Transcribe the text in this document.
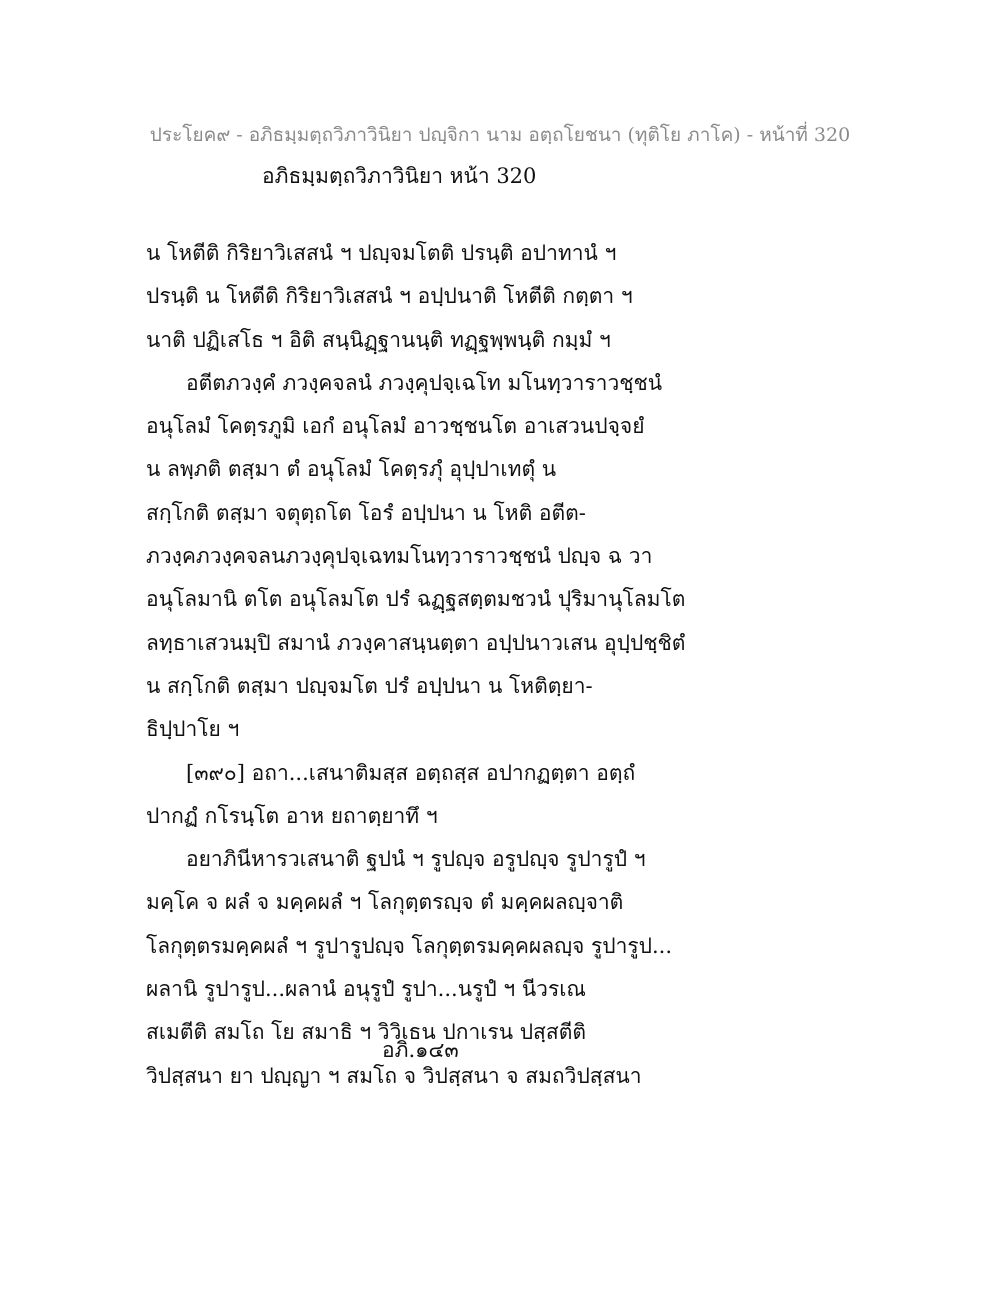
ประโยค๙ - อภิธมฺมตฺถวิภาวินิยา ปญฺจิกา นาม อตฺถโยชนา (ทุติโย ภาโค) - หน้าที่ 320
อภิธมฺมตฺถวิภาวินิยา หน้า 320
น โหตีติ กิริยาวิเสสนํ ฯ ปญฺจมโตติ ปรนฺติ อปาทานํ ฯ
ปรนฺติ น โหตีติ กิริยาวิเสสนํ ฯ อปฺปนาติ โหตีติ กตฺตา ฯ
นาติ ปฏิเสโธ ฯ อิติ สนฺนิฏฺฐานนฺติ ทฏฺฐพฺพนฺติ กมฺมํ ฯ
อตีตภวงฺคํ ภวงฺคจลนํ ภวงฺคุปจฺเฉโท มโนทฺวาราวชฺชนํ
อนุโลมํ โคตฺรภูมิ เอกํ อนุโลมํ อาวชฺชนโต อาเสวนปจฺจยํ
น ลพฺภติ ตสฺมา ตํ อนุโลมํ โคตฺรภุํ อุปฺปาเทตุํ น
สกฺโกติ ตสฺมา จตุตฺถโต โอรํ อปฺปนา น โหติ อตีต-
ภวงฺคภวงฺคจลนภวงฺคุปจฺเฉทมโนทฺวาราวชฺชนํ ปญฺจ ฉ วา
อนุโลมานิ ตโต อนุโลมโต ปรํ ฉฏฺฐสตฺตมชวนํ ปุริมานุโลมโต
ลทฺธาเสวนมฺปิ สมานํ ภวงฺคาสนฺนตฺตา อปฺปนาวเสน อุปฺปชฺชิตํ
น สกฺโกติ ตสฺมา ปญฺจมโต ปรํ อปฺปนา น โหติตฺยา-
ธิปฺปาโย ฯ
[๓๙๐] อถา...เสนาติมสฺส อตฺถสฺส อปากฏตฺตา อตฺถํ
ปากฏํ กโรนฺโต อาห ยถาตฺยาทึ ฯ
อยาภินีหารวเสนาติ ฐปนํ ฯ รูปญฺจ อรูปญฺจ รูปารูปํ ฯ
มคฺโค จ ผลํ จ มคฺคผลํ ฯ โลกุตฺตรญฺจ ตํ มคฺคผลญฺจาติ
โลกุตฺตรมคฺคผลํ ฯ รูปารูปญฺจ โลกุตฺตรมคฺคผลญฺจ รูปารูป...
ผลานิ รูปารูป...ผลานํ อนุรูปํ รูปา...นรูปํ ฯ นีวรเณ
สเมตีติ สมโถ โย สมาธิ ฯ วิวิเธน ปกาเรน ปสฺสตีติ
วิปสฺสนา ยา ปญฺญา ฯ สมโถ จ วิปสฺสนา จ สมถวิปสฺสนา
อภิ.๑๔๓
